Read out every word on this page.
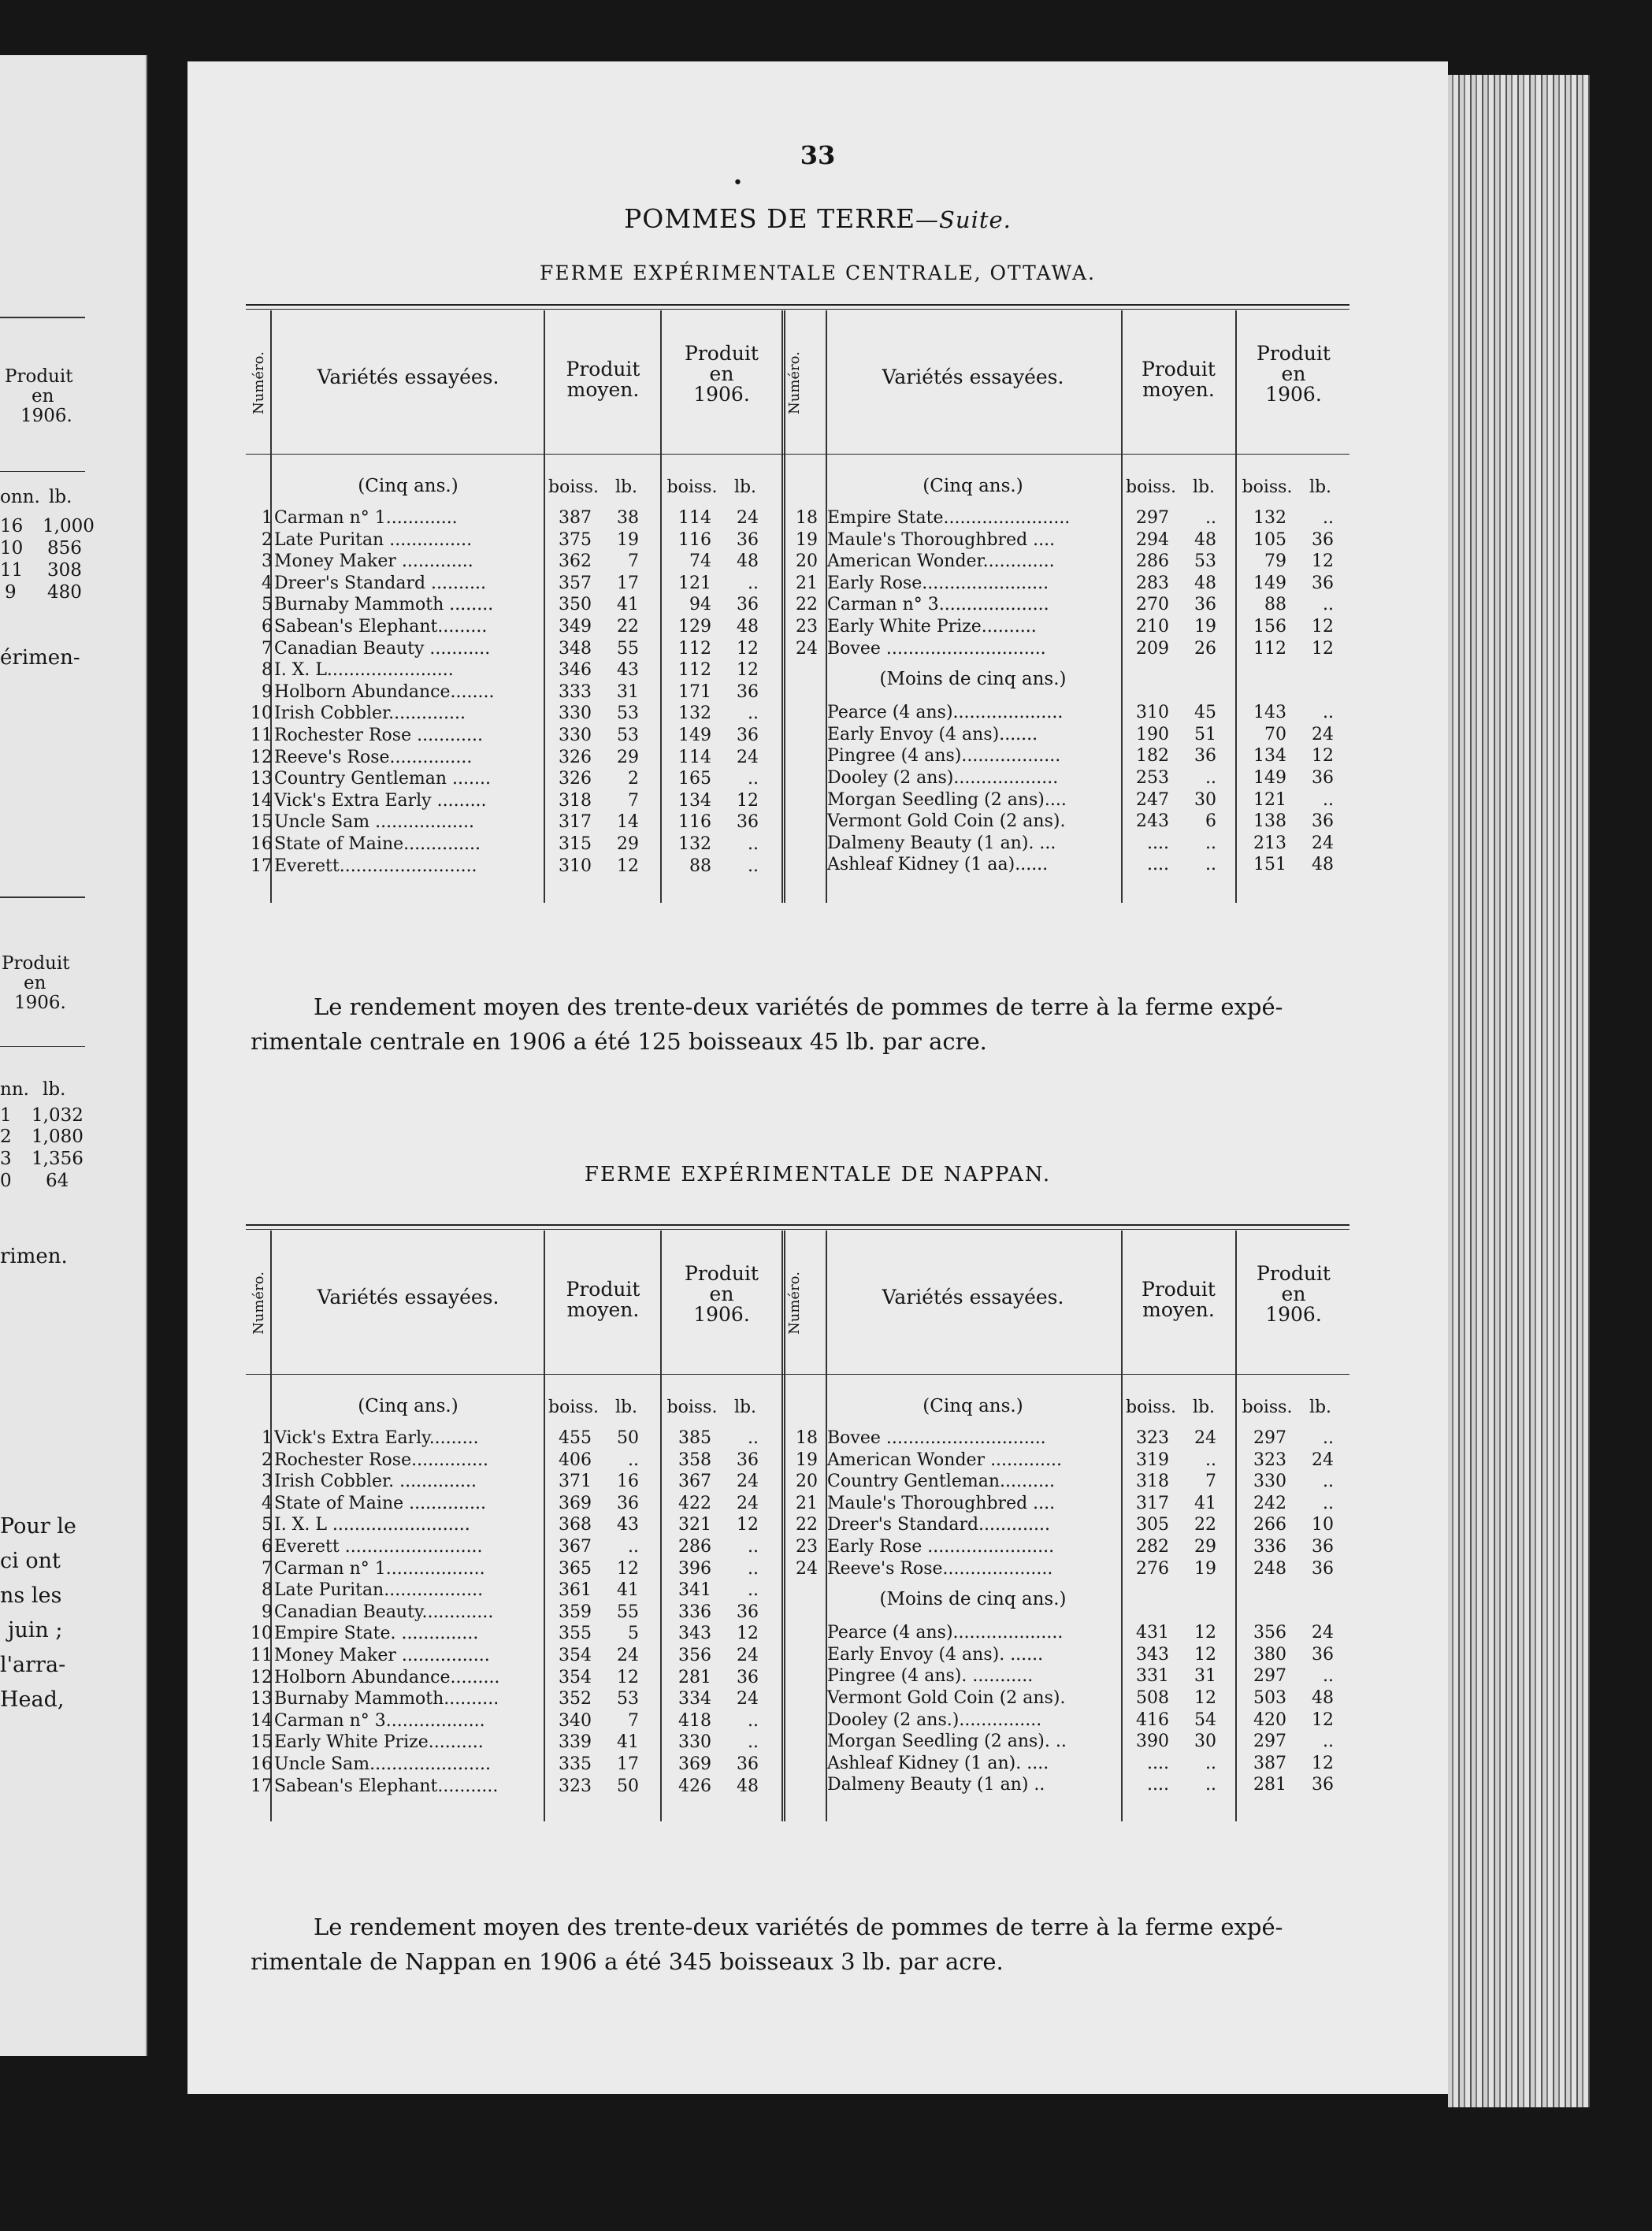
Produit
en
1906.
onn. lb.
16 1,000
10 856
11 308
9 480
érimen-
Produit
en
1906.
nn. lb.
1 1,032
2 1,080
3 1,356
0 64
rimen.
Pour le
ci ont
ns les
juin ;
l'arra-
Head,
33
•
POMMES DE TERRE—Suite.
FERME EXPÉRIMENTALE CENTRALE, OTTAWA.
Numéro.	Variétés essayées.	Produit
moyen.
Produit
en
1906.
boiss. lb.	boiss. lb.
(Cinq ans.)
Numéro.	Variétés essayées.	Produit
moyen.
Produit
en
1906.
boiss. lb.	boiss. lb.
(Cinq ans.)
1 Carman n° 1.............	387	38	114	24
2 Late Puritan ...............	375	19	116	36
3 Money Maker .............	362	7	74	48
4 Dreer's Standard ..........	357	17	121	..
5 Burnaby Mammoth ........	350	41	94	36
6 Sabean's Elephant.........	349	22	129	48
7 Canadian Beauty ...........	348	55	112	12
8 I. X. L.......................	346	43	112	12
9 Holborn Abundance........	333	31	171	36
10 Irish Cobbler..............	330	53	132	..
11 Rochester Rose ............	330	53	149	36
12 Reeve's Rose...............	326	29	114	24
13 Country Gentleman .......	326	2	165	..
14 Vick's Extra Early .........	318	7	134	12
15 Uncle Sam ..................	317	14	116	36
16 State of Maine..............	315	29	132	..
17 Everett.........................	310	12	88	..
18 Empire State.......................	297	..	132	..
19 Maule's Thoroughbred ....	294	48	105	36
20 American Wonder.............	286	53	79	12
21 Early Rose.......................	283	48	149	36
22 Carman n° 3....................	270	36	88	..
23 Early White Prize..........	210	19	156	12
24 Bovee .............................	209	26	112	12
(Moins de cinq ans.)
Pearce (4 ans)....................	310	45	143	..
Early Envoy (4 ans).......	190	51	70	24
Pingree (4 ans)..................	182	36	134	12
Dooley (2 ans)...................	253	..	149	36
Morgan Seedling (2 ans)....	247	30	121	..
Vermont Gold Coin (2 ans).	243	6	138	36
Dalmeny Beauty (1 an). ...	....	..	213	24
Ashleaf Kidney (1 aa)......	....	..	151	48
Le rendement moyen des trente-deux variétés de pommes de terre à la ferme expé-
rimentale centrale en 1906 a été 125 boisseaux 45 lb. par acre.
FERME EXPÉRIMENTALE DE NAPPAN.
Numéro.	Variétés essayées.	Produit
moyen.
Produit
en
1906.
boiss. lb.	boiss. lb.
(Cinq ans.)
Numéro.	Variétés essayées.	Produit
moyen.
Produit
en
1906.
boiss. lb.	boiss. lb.
(Cinq ans.)
1 Vick's Extra Early.........	455	50	385	..
2 Rochester Rose..............	406	..	358	36
3 Irish Cobbler. ..............	371	16	367	24
4 State of Maine ..............	369	36	422	24
5 I. X. L .........................	368	43	321	12
6 Everett .........................	367	..	286	..
7 Carman n° 1..................	365	12	396	..
8 Late Puritan..................	361	41	341	..
9 Canadian Beauty.............	359	55	336	36
10 Empire State. ..............	355	5	343	12
11 Money Maker ................	354	24	356	24
12 Holborn Abundance.........	354	12	281	36
13 Burnaby Mammoth..........	352	53	334	24
14 Carman n° 3..................	340	7	418	..
15 Early White Prize..........	339	41	330	..
16 Uncle Sam......................	335	17	369	36
17 Sabean's Elephant...........	323	50	426	48
18 Bovee .............................	323	24	297	..
19 American Wonder .............	319	..	323	24
20 Country Gentleman..........	318	7	330	..
21 Maule's Thoroughbred ....	317	41	242	..
22 Dreer's Standard.............	305	22	266	10
23 Early Rose .......................	282	29	336	36
24 Reeve's Rose....................	276	19	248	36
(Moins de cinq ans.)
Pearce (4 ans)....................	431	12	356	24
Early Envoy (4 ans). ......	343	12	380	36
Pingree (4 ans). ...........	331	31	297	..
Vermont Gold Coin (2 ans).	508	12	503	48
Dooley (2 ans.)...............	416	54	420	12
Morgan Seedling (2 ans). ..	390	30	297	..
Ashleaf Kidney (1 an). ....	....	..	387	12
Dalmeny Beauty (1 an) ..	....	..	281	36
Le rendement moyen des trente-deux variétés de pommes de terre à la ferme expé-
rimentale de Nappan en 1906 a été 345 boisseaux 3 lb. par acre.
